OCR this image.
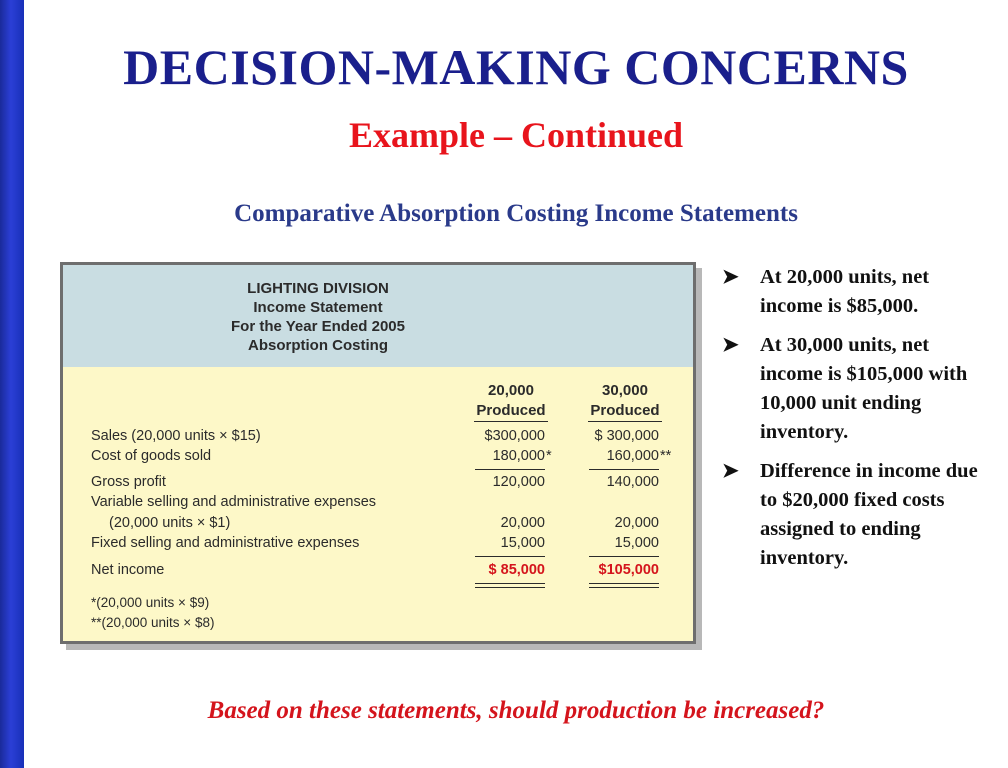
DECISION-MAKING CONCERNS
Example – Continued
Comparative Absorption Costing Income Statements
LIGHTING DIVISION
Income Statement
For the Year Ended 2005
Absorption Costing
20,000
Produced
30,000
Produced
Sales (20,000 units × $15)	$300,000	$ 300,000
Cost of goods sold	180,000 *	160,000 **
Gross profit	120,000	140,000
Variable selling and administrative expenses
(20,000 units × $1)	20,000	20,000
Fixed selling and administrative expenses	15,000	15,000
Net income	$ 85,000	$105,000
*(20,000 units × $9)
**(20,000 units × $8)
➤ At 20,000 units, net income is $85,000.
➤ At 30,000 units, net income is $105,000 with 10,000 unit ending inventory.
➤ Difference in income due to $20,000 fixed costs assigned to ending inventory.
Based on these statements, should production be increased?
